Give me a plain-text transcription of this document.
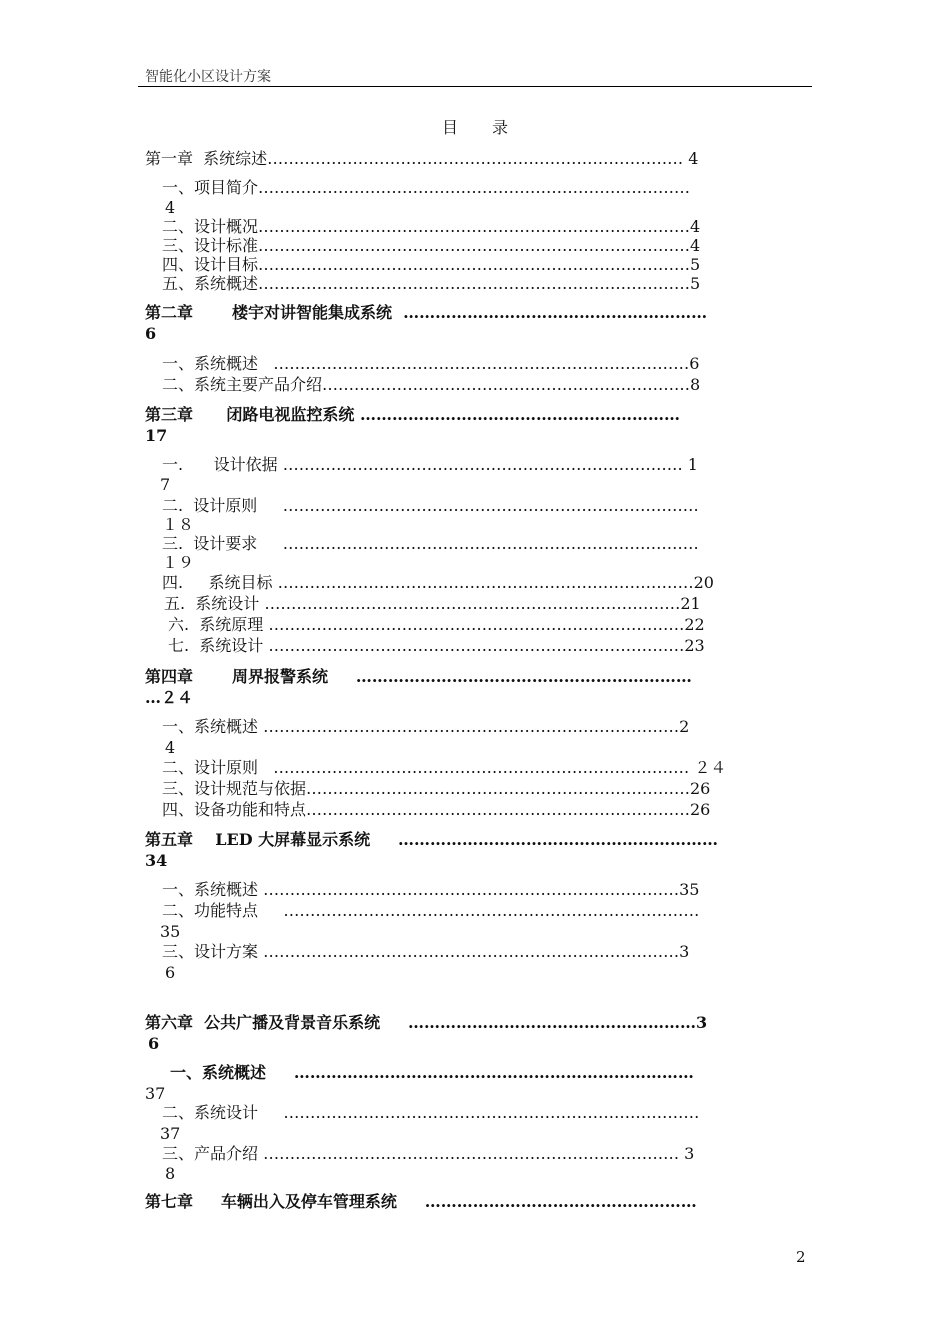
智能化小区设计方案
目 录
第一章  系统综述…………………………………………………………………… 4
一、项目简介………………………………………………………………………
4
二、设计概况………………………………………………………………………4
三、设计标准………………………………………………………………………4
四、设计目标………………………………………………………………………5
五、系统概述………………………………………………………………………5
第二章       楼宇对讲智能集成系统  …………………………………………………
6
一、系统概述   ……………………………………………………………………6
二、系统主要产品介绍……………………………………………………………8
第三章      闭路电视监控系统 ……………………………………………………
17
一.      设计依据 ………………………………………………………………… 1
7
二.  设计原则     ……………………………………………………………………
１８
三.  设计要求     ……………………………………………………………………
１９
四.     系统目标 ……………………………………………………………………20
五.  系统设计 ……………………………………………………………………21
六.  系统原理 ……………………………………………………………………22
七.  系统设计 ……………………………………………………………………23
第四章       周界报警系统     ………………………………………………………
…２４
一、系统概述 ……………………………………………………………………2
4
二、设计原则   …………………………………………………………………… ２４
三、设计规范与依据………………………………………………………………26
四、设备功能和特点………………………………………………………………26
第五章    LED 大屏幕显示系统     ……………………………………………………
34
一、系统概述 ……………………………………………………………………35
二、功能特点     ……………………………………………………………………
35
三、设计方案 ……………………………………………………………………3
6
第六章  公共广播及背景音乐系统     ………………………………………………3
6
一、系统概述     …………………………………………………………………
37
二、系统设计     ……………………………………………………………………
37
三、产品介绍 …………………………………………………………………… 3
8
第七章     车辆出入及停车管理系统     ……………………………………………
2
